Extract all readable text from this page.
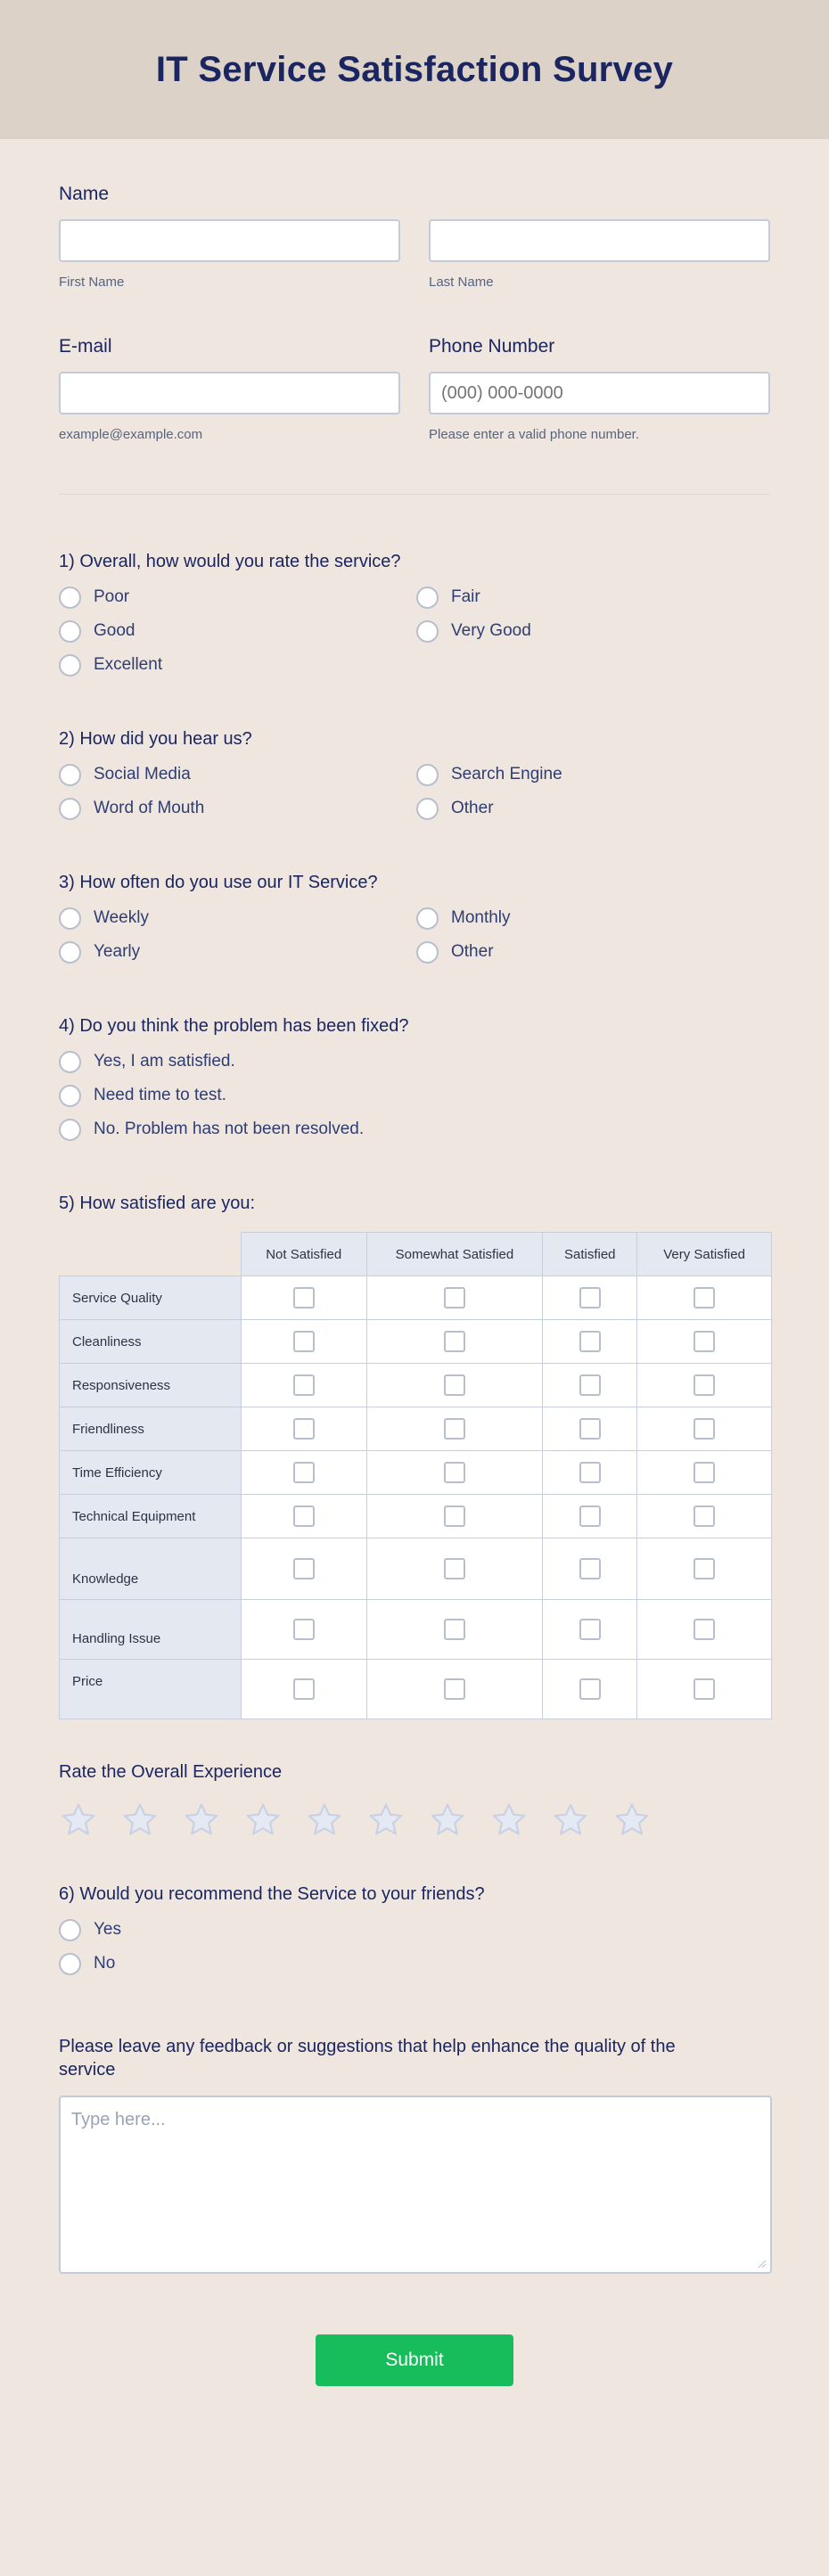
IT Service Satisfaction Survey
Name
First Name	Last Name
E-mail
example@example.com
Phone Number
(000) 000-0000
Please enter a valid phone number.
1) Overall, how would you rate the service?
Poor	Fair
Good	Very Good
Excellent
2) How did you hear us?
Social Media	Search Engine
Word of Mouth	Other
3) How often do you use our IT Service?
Weekly	Monthly
Yearly	Other
4) Do you think the problem has been fixed?
Yes, I am satisfied.
Need time to test.
No. Problem has not been resolved.
5) How satisfied are you:
	Not Satisfied	Somewhat Satisfied	Satisfied	Very Satisfied
Service Quality				
Cleanliness				
Responsiveness				
Friendliness				
Time Efficiency				
Technical Equipment				
Knowledge				
Handling Issue				
Price				
Rate the Overall Experience
6) Would you recommend the Service to your friends?
Yes
No
Please leave any feedback or suggestions that help enhance the quality of the service
Type here...
Submit
